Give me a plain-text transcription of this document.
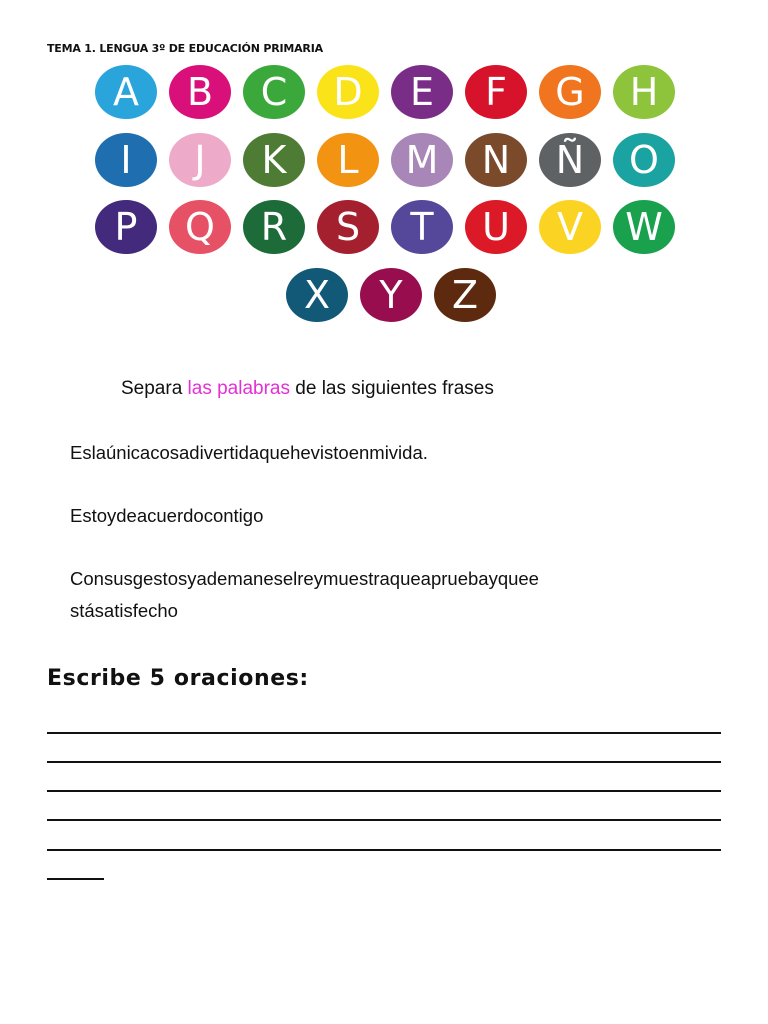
TEMA 1. LENGUA 3º DE EDUCACIÓN PRIMARIA
A B C D E F G H
I J K L M N Ñ O
P Q R S T U V W
X Y Z
Separa las palabras de las siguientes frases
Eslaúnicacosadivertidaquehevistoenmivida.
Estoydeacuerdocontigo
Consusgestosyademaneselreymuestraqueapruebayquee
stásatisfecho
Escribe 5 oraciones:
